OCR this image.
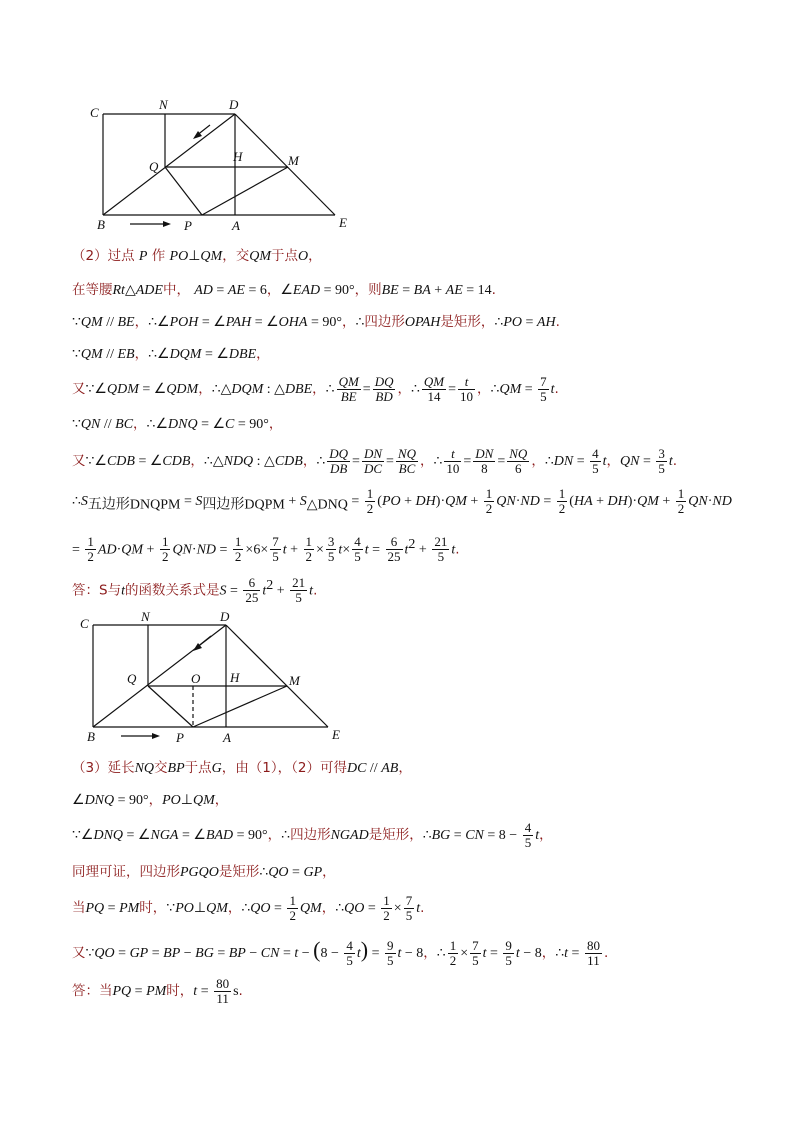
C
N	D
Q
H	M
B	P	A	E
（2）过点 P 作 PO⊥QM，交QM于点O，
在等腰Rt△ADE中， AD = AE = 6，∠EAD = 90°，则BE = BA + AE = 14.
∵QM // BE，∴∠POH = ∠PAH = ∠OHA = 90°，∴四边形OPAH是矩形，∴PO = AH.
∵QM // EB，∴∠DQM = ∠DBE，
又∵∠QDM = ∠QDM，∴△DQM : △DBE，∴ $\frac{QM}{BE} = \frac{DQ}{BD}$ ，∴ $\frac{QM}{14} = \frac{t}{10}$ ，∴QM = $\frac{7}{5} t$.
∵QN // BC，∴∠DNQ = ∠C = 90°，
又∵∠CDB = ∠CDB，∴△NDQ : △CDB，∴ $\frac{DQ}{DB} = \frac{DN}{DC} = \frac{NQ}{BC}$ ，∴ $\frac{t}{10} = \frac{DN}{8} = \frac{NQ}{6}$ ，∴DN = $\frac{4}{5}$ t，QN = $\frac{3}{5} t$.
$\therefore S_{五边形DNQPM} = S_{四边形DQPM} + S_{\triangle DNQ} = \frac{1}{2} (PO + DH)\cdot QM + \frac{1}{2} QN\cdot ND = \frac{1}{2} (HA + DH)\cdot QM + \frac{1}{2} QN\cdot ND$
= $\frac{1}{2} AD\cdot QM + \frac{1}{2} QN\cdot ND = \frac{1}{2} \times 6\times \frac{7}{5}$ $t + \frac{1}{2} \times \frac{3}{5} t\times \frac{4}{5}$ $t = \frac{6}{25} t^2 + \frac{21}{5} t$.
答：S与t的函数关系式是$S = \frac{6}{25} t^2 + \frac{21}{5} t$.
C	N	D
Q	O H	M
B	P	A	E
（3）延长NQ交BP于点G，由（1），（2）可得DC // AB，
∠DNQ = 90°，PO⊥QM，
∵∠DNQ = ∠NGA = ∠BAD = 90°，∴四边形NGAD是矩形，∴BG = CN = $8 - \frac{4}{5}$ t，
同理可证，四边形PGQO是矩形∴QO = GP，
当PQ = PM时，∵PO⊥QM，∴QO = $\frac{1}{2}$ QM，∴QO = $\frac{1}{2} \times \frac{7}{5} t$.
又∵QO = GP = BP − BG = BP − CN = $t - (8 - \frac{4}{5} t) = \frac{9}{5}$ t − 8，∴ $\frac{1}{2} \times \frac{7}{5}$ $t = \frac{9}{5}$ t − 8，∴t = $\frac{80}{11}$ .
答：当PQ = PM时，$t = \frac{80}{11} s$.
